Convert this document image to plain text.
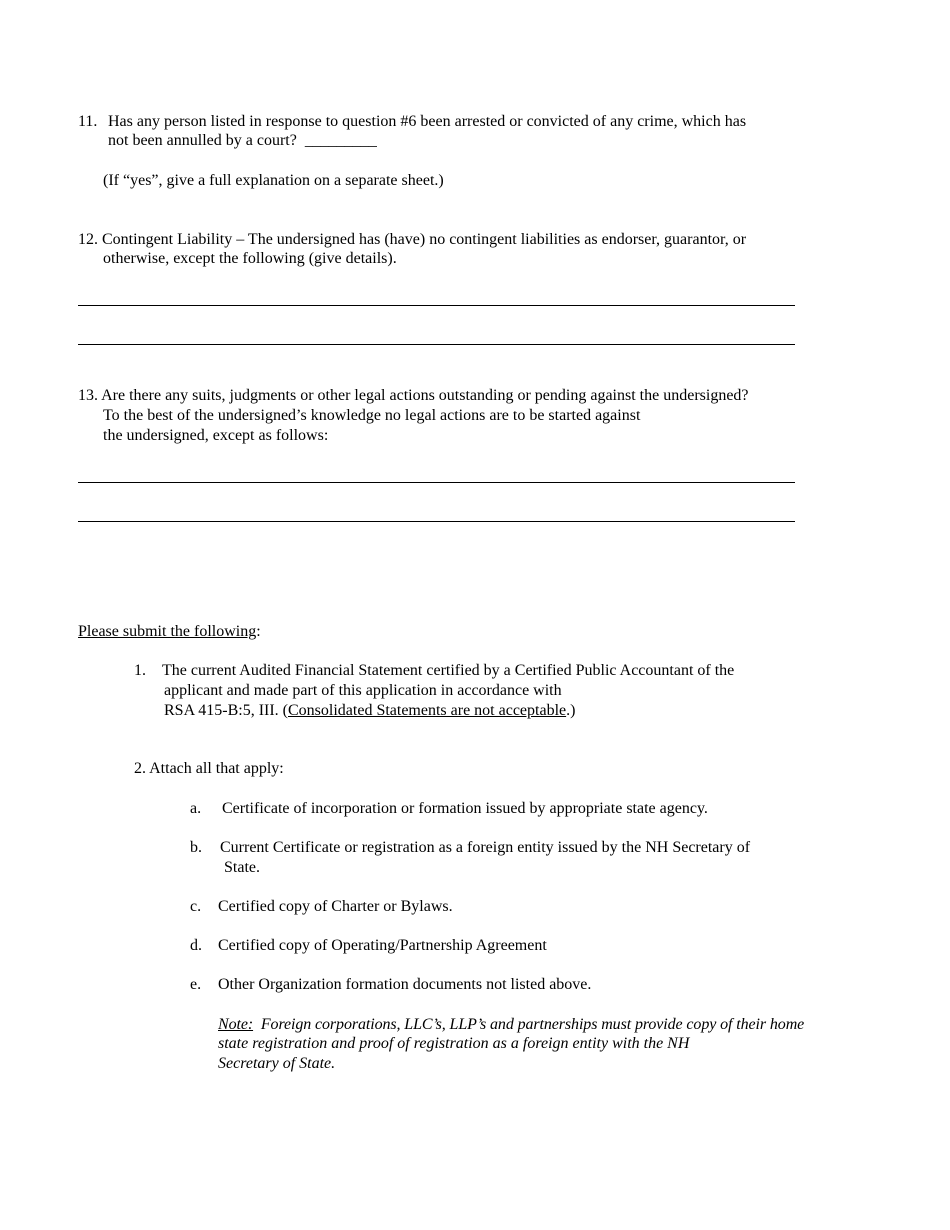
11. Has any person listed in response to question #6 been arrested or convicted of any crime, which has
not been annulled by a court? _________
(If “yes”, give a full explanation on a separate sheet.)
12. Contingent Liability – The undersigned has (have) no contingent liabilities as endorser, guarantor, or
otherwise, except the following (give details).
13. Are there any suits, judgments or other legal actions outstanding or pending against the undersigned?
To the best of the undersigned’s knowledge no legal actions are to be started against
the undersigned, except as follows:
Please submit the following:
1. The current Audited Financial Statement certified by a Certified Public Accountant of the
applicant and made part of this application in accordance with
RSA 415-B:5, III. (Consolidated Statements are not acceptable.)
2. Attach all that apply:
a. Certificate of incorporation or formation issued by appropriate state agency.
b. Current Certificate or registration as a foreign entity issued by the NH Secretary of
State.
c. Certified copy of Charter or Bylaws.
d. Certified copy of Operating/Partnership Agreement
e. Other Organization formation documents not listed above.
Note: Foreign corporations, LLC’s, LLP’s and partnerships must provide copy of their home
state registration and proof of registration as a foreign entity with the NH
Secretary of State.
